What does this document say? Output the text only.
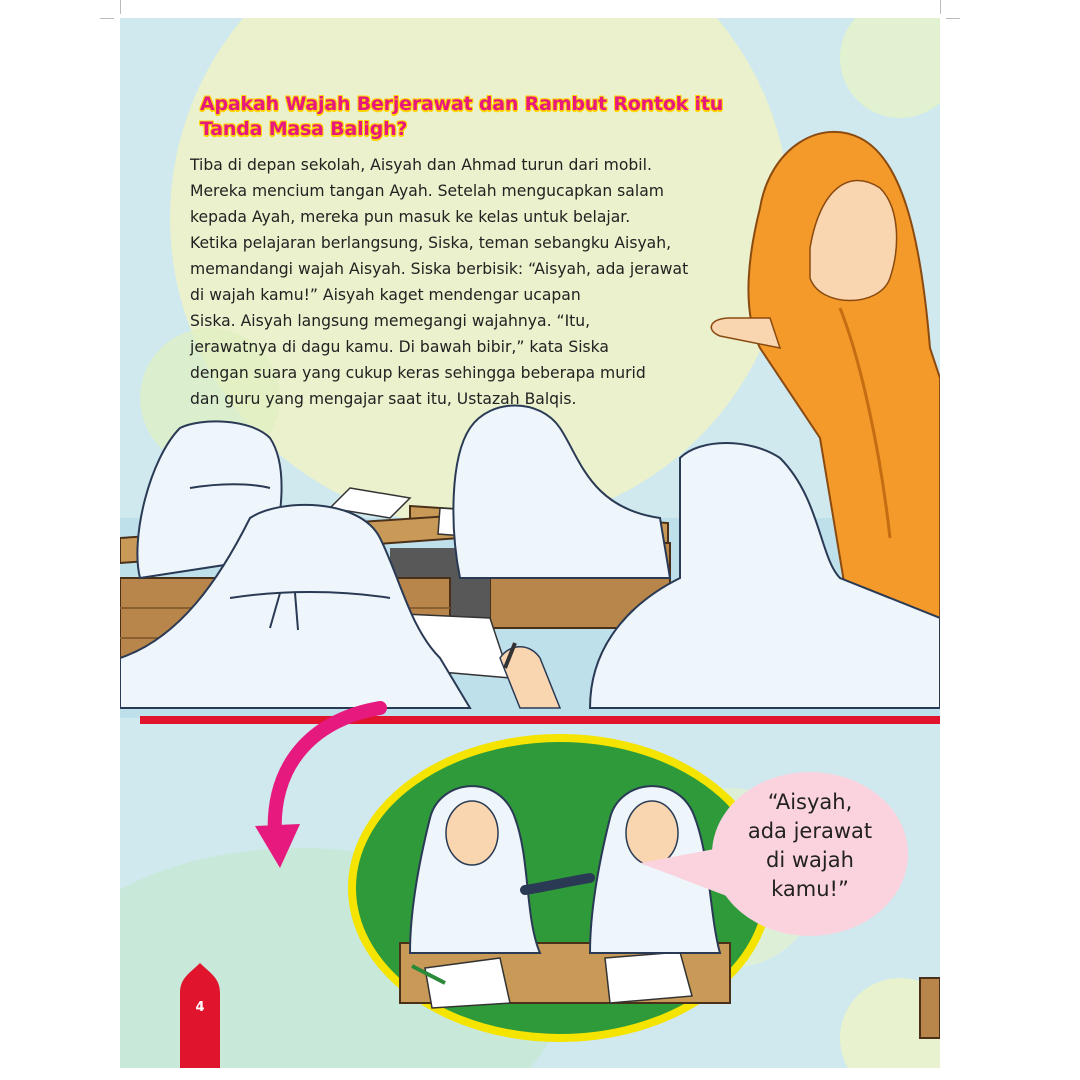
Apakah Wajah Berjerawat dan Rambut Rontok itu Tanda Masa Baligh?

Tiba di depan sekolah, Aisyah dan Ahmad turun dari mobil.
Mereka mencium tangan Ayah. Setelah mengucapkan salam
kepada Ayah, mereka pun masuk ke kelas untuk belajar.

Ketika pelajaran berlangsung, Siska, teman sebangku Aisyah,
memandangi wajah Aisyah. Siska berbisik: “Aisyah, ada jerawat
di wajah kamu!” Aisyah kaget mendengar ucapan
Siska. Aisyah langsung memegangi wajahnya. “Itu,
jerawatnya di dagu kamu. Di bawah bibir,” kata Siska
dengan suara yang cukup keras sehingga beberapa murid
dan guru yang mengajar saat itu, Ustazah Balqis.

“Aisyah,
ada jerawat
di wajah
kamu!”
4
